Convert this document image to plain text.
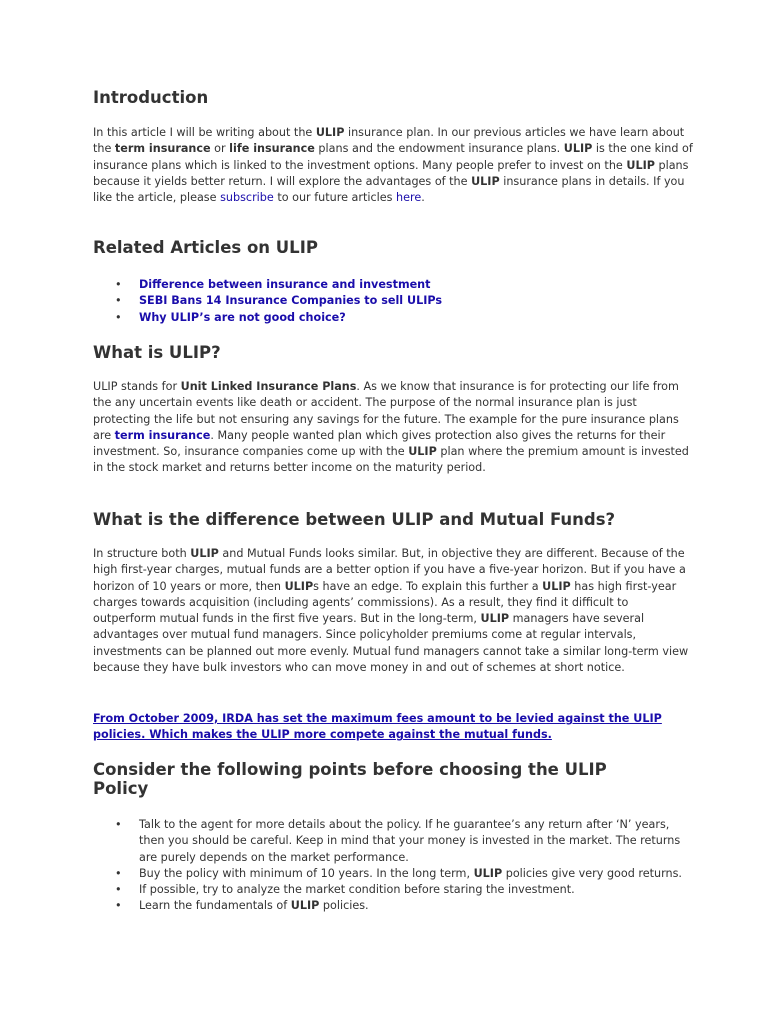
Introduction

In this article I will be writing about the ULIP insurance plan. In our previous articles we have learn about the term insurance or life insurance plans and the endowment insurance plans. ULIP is the one kind of insurance plans which is linked to the investment options. Many people prefer to invest on the ULIP plans because it yields better return. I will explore the advantages of the ULIP insurance plans in details. If you like the article, please subscribe to our future articles here.

Related Articles on ULIP
• Difference between insurance and investment
• SEBI Bans 14 Insurance Companies to sell ULIPs
• Why ULIP’s are not good choice?
What is ULIP?

ULIP stands for Unit Linked Insurance Plans. As we know that insurance is for protecting our life from the any uncertain events like death or accident. The purpose of the normal insurance plan is just protecting the life but not ensuring any savings for the future. The example for the pure insurance plans are term insurance. Many people wanted plan which gives protection also gives the returns for their investment. So, insurance companies come up with the ULIP plan where the premium amount is invested in the stock market and returns better income on the maturity period.

What is the difference between ULIP and Mutual Funds?

In structure both ULIP and Mutual Funds looks similar. But, in objective they are different. Because of the high first-year charges, mutual funds are a better option if you have a five-year horizon. But if you have a horizon of 10 years or more, then ULIPs have an edge. To explain this further a ULIP has high first-year charges towards acquisition (including agents’ commissions). As a result, they find it difficult to outperform mutual funds in the first five years. But in the long-term, ULIP managers have several advantages over mutual fund managers. Since policyholder premiums come at regular intervals, investments can be planned out more evenly. Mutual fund managers cannot take a similar long-term view because they have bulk investors who can move money in and out of schemes at short notice.

From October 2009, IRDA has set the maximum fees amount to be levied against the ULIP policies. Which makes the ULIP more compete against the mutual funds.
Consider the following points before choosing the ULIP
Policy
• Talk to the agent for more details about the policy. If he guarantee’s any return after ‘N’ years, then you should be careful. Keep in mind that your money is invested in the market. The returns are purely depends on the market performance.
• Buy the policy with minimum of 10 years. In the long term, ULIP policies give very good returns.
• If possible, try to analyze the market condition before staring the investment.
• Learn the fundamentals of ULIP policies.
